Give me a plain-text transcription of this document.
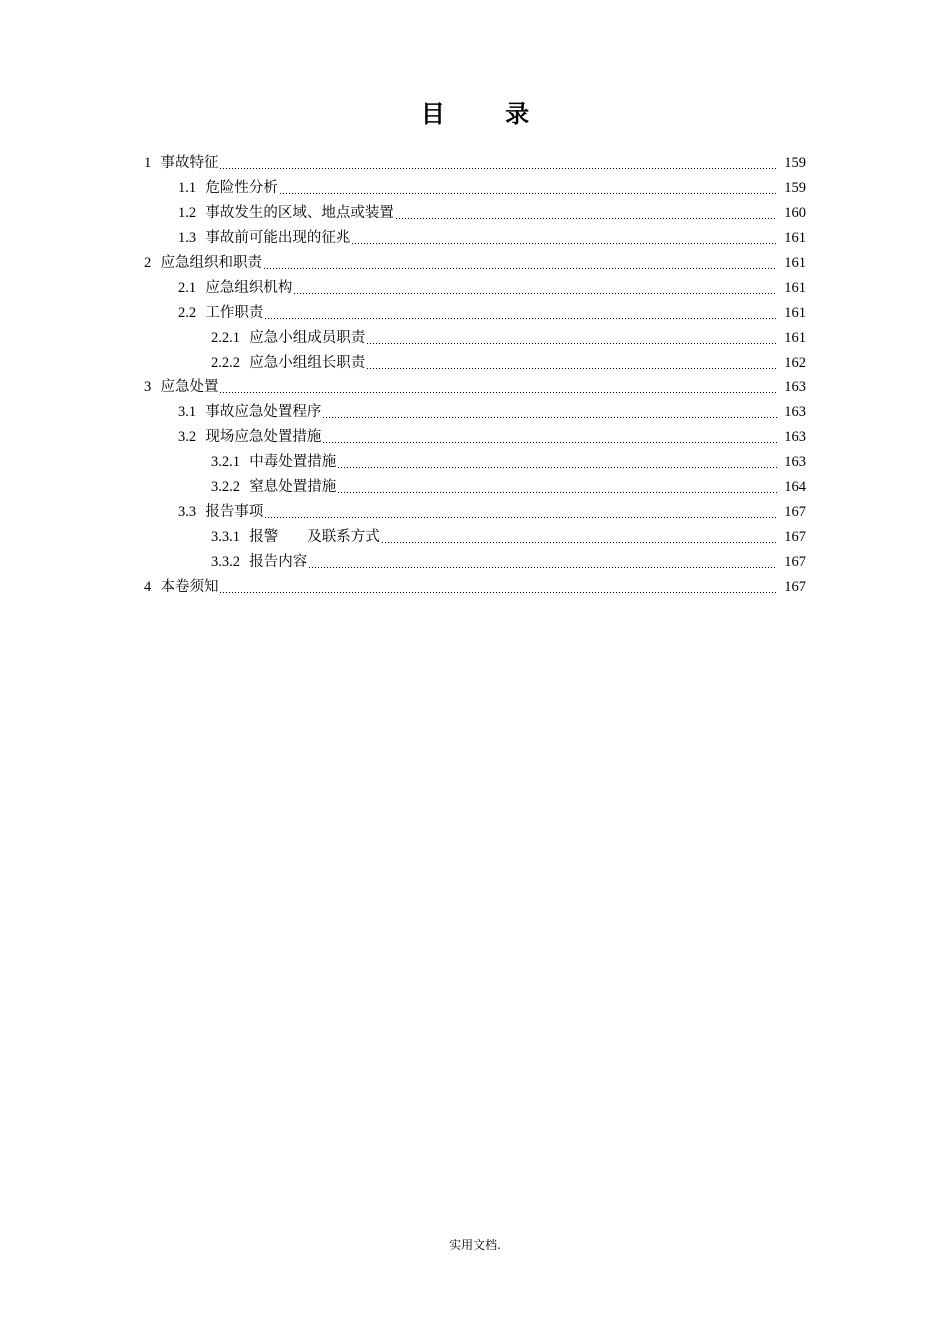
目 录
1 事故特征	159
1.1 危险性分析	159
1.2 事故发生的区域、地点或装置	160
1.3 事故前可能出现的征兆	161
2 应急组织和职责	161
2.1 应急组织机构	161
2.2 工作职责	161
2.2.1 应急小组成员职责	161
2.2.2 应急小组组长职责	162
3 应急处置	163
3.1 事故应急处置程序	163
3.2 现场应急处置措施	163
3.2.1 中毒处置措施	163
3.2.2 窒息处置措施	164
3.3 报告事项	167
3.3.1 报警　　及联系方式	167
3.3.2 报告内容	167
4 本卷须知	167
实用文档.
